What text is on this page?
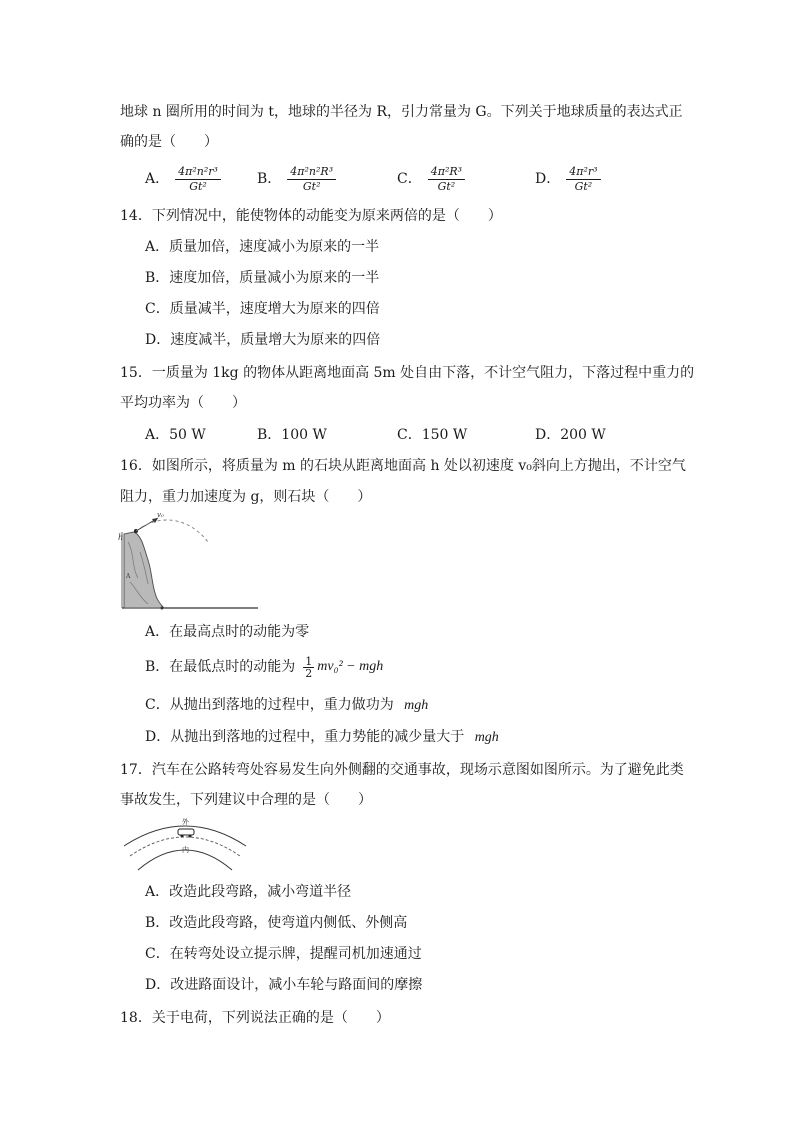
地球 n 圈所用的时间为 t，地球的半径为 R，引力常量为 G。下列关于地球质量的表达式正
确的是（　　）
A． $\frac{\text{4π²n²r³}}{\text{Gt²}}$	B． $\frac{\text{4π²n²R³}}{\text{Gt²}}$	C． $\frac{\text{4π²R³}}{\text{Gt²}}$	D． $\frac{\text{4π²r³}}{\text{Gt²}}$
14．下列情况中，能使物体的动能变为原来两倍的是（　　）
A．质量加倍，速度减小为原来的一半
B．速度加倍，质量减小为原来的一半
C．质量减半，速度增大为原来的四倍
D．速度减半，质量增大为原来的四倍
15．一质量为 1kg 的物体从距离地面高 5m 处自由下落，不计空气阻力，下落过程中重力的
平均功率为（　　）
A．50 W	B．100 W	C．150 W	D．200 W
16．如图所示，将质量为 m 的石块从距离地面高 h 处以初速度 v₀斜向上方抛出，不计空气
阻力，重力加速度为 g，则石块（　　）
h
A
v₀
A．在最高点时的动能为零
B．在最低点时的动能为 $\frac{1}{2} mv_0^2$ − mgh
C．从抛出到落地的过程中，重力做功为 mgh
D．从抛出到落地的过程中，重力势能的减少量大于 mgh
17．汽车在公路转弯处容易发生向外侧翻的交通事故，现场示意图如图所示。为了避免此类
事故发生，下列建议中合理的是（　　）
外
内
A．改造此段弯路，减小弯道半径
B．改造此段弯路，使弯道内侧低、外侧高
C．在转弯处设立提示牌，提醒司机加速通过
D．改进路面设计，减小车轮与路面间的摩擦
18．关于电荷，下列说法正确的是（　　）
